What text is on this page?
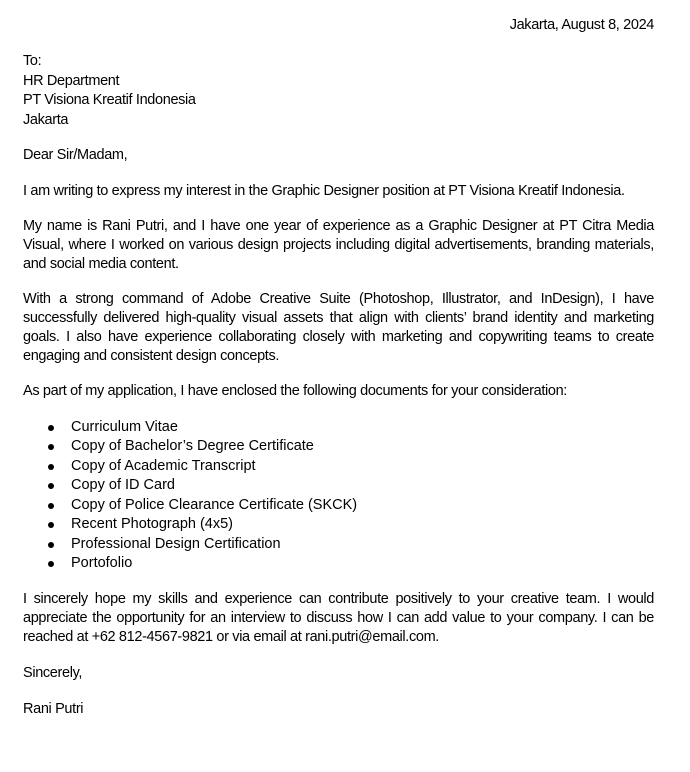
Jakarta, August 8, 2024
To:
HR Department
PT Visiona Kreatif Indonesia
Jakarta
Dear Sir/Madam,

I am writing to express my interest in the Graphic Designer position at PT Visiona Kreatif Indonesia.

My name is Rani Putri, and I have one year of experience as a Graphic Designer at PT Citra Media Visual, where I worked on various design projects including digital advertisements, branding materials, and social media content.

With a strong command of Adobe Creative Suite (Photoshop, Illustrator, and InDesign), I have successfully delivered high-quality visual assets that align with clients’ brand identity and marketing goals. I also have experience collaborating closely with marketing and copywriting teams to create engaging and consistent design concepts.

As part of my application, I have enclosed the following documents for your consideration:

Curriculum Vitae
Copy of Bachelor’s Degree Certificate
Copy of Academic Transcript
Copy of ID Card
Copy of Police Clearance Certificate (SKCK)
Recent Photograph (4x5)
Professional Design Certification
Portofolio

I sincerely hope my skills and experience can contribute positively to your creative team. I would appreciate the opportunity for an interview to discuss how I can add value to your company. I can be reached at +62 812-4567-9821 or via email at rani.putri@email.com.

Sincerely,
Rani Putri
